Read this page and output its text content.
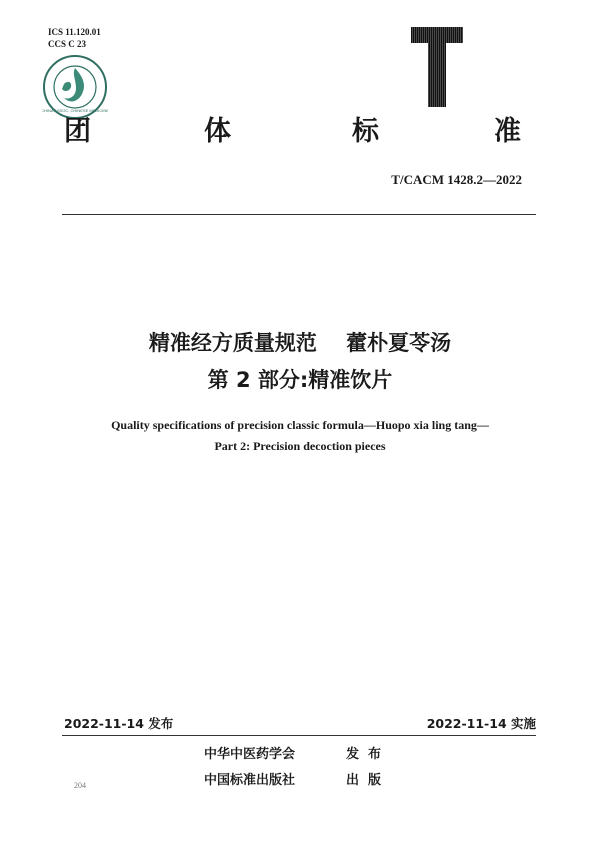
ICS 11.120.01
CCS C 23
CHINA ASSOC. CHINESE MEDICINE
团	体	标	准
T/CACM 1428.2—2022
精准经方质量规范    藿朴夏苓汤
第 2 部分:精准饮片
Quality specifications of precision classic formula—Huopo xia ling tang—
Part 2: Precision decoction pieces
2022-11-14 发布	2022-11-14 实施
中华中医药学会	发  布
中国标准出版社	出  版
204
